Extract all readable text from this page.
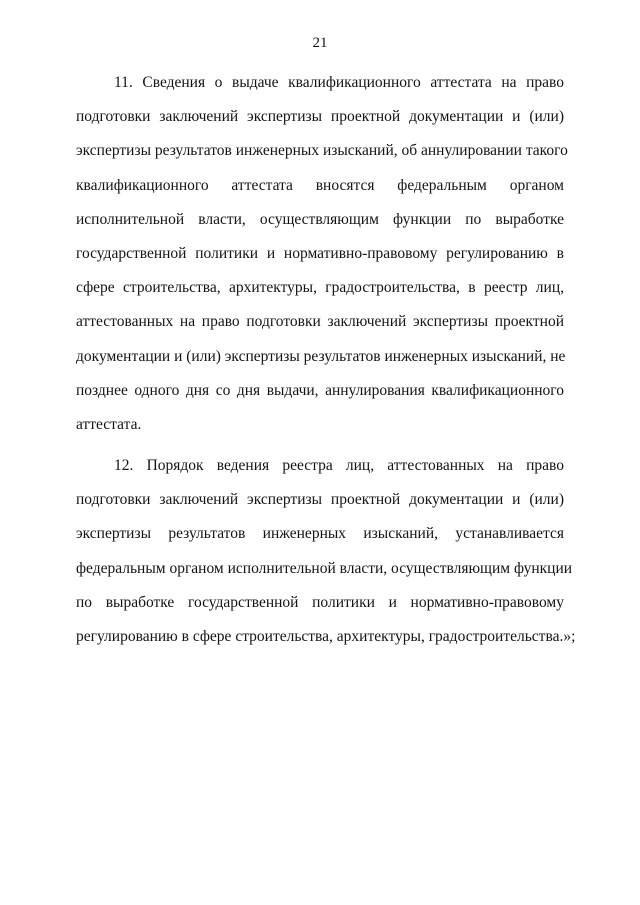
21
11. Сведения о выдаче квалификационного аттестата на право
подготовки заключений экспертизы проектной документации и (или)
экспертизы результатов инженерных изысканий, об аннулировании такого
квалификационного аттестата вносятся федеральным органом
исполнительной власти, осуществляющим функции по выработке
государственной политики и нормативно-правовому регулированию в
сфере строительства, архитектуры, градостроительства, в реестр лиц,
аттестованных на право подготовки заключений экспертизы проектной
документации и (или) экспертизы результатов инженерных изысканий, не
позднее одного дня со дня выдачи, аннулирования квалификационного
аттестата.
12. Порядок ведения реестра лиц, аттестованных на право
подготовки заключений экспертизы проектной документации и (или)
экспертизы результатов инженерных изысканий, устанавливается
федеральным органом исполнительной власти, осуществляющим функции
по выработке государственной политики и нормативно-правовому
регулированию в сфере строительства, архитектуры, градостроительства.»;
